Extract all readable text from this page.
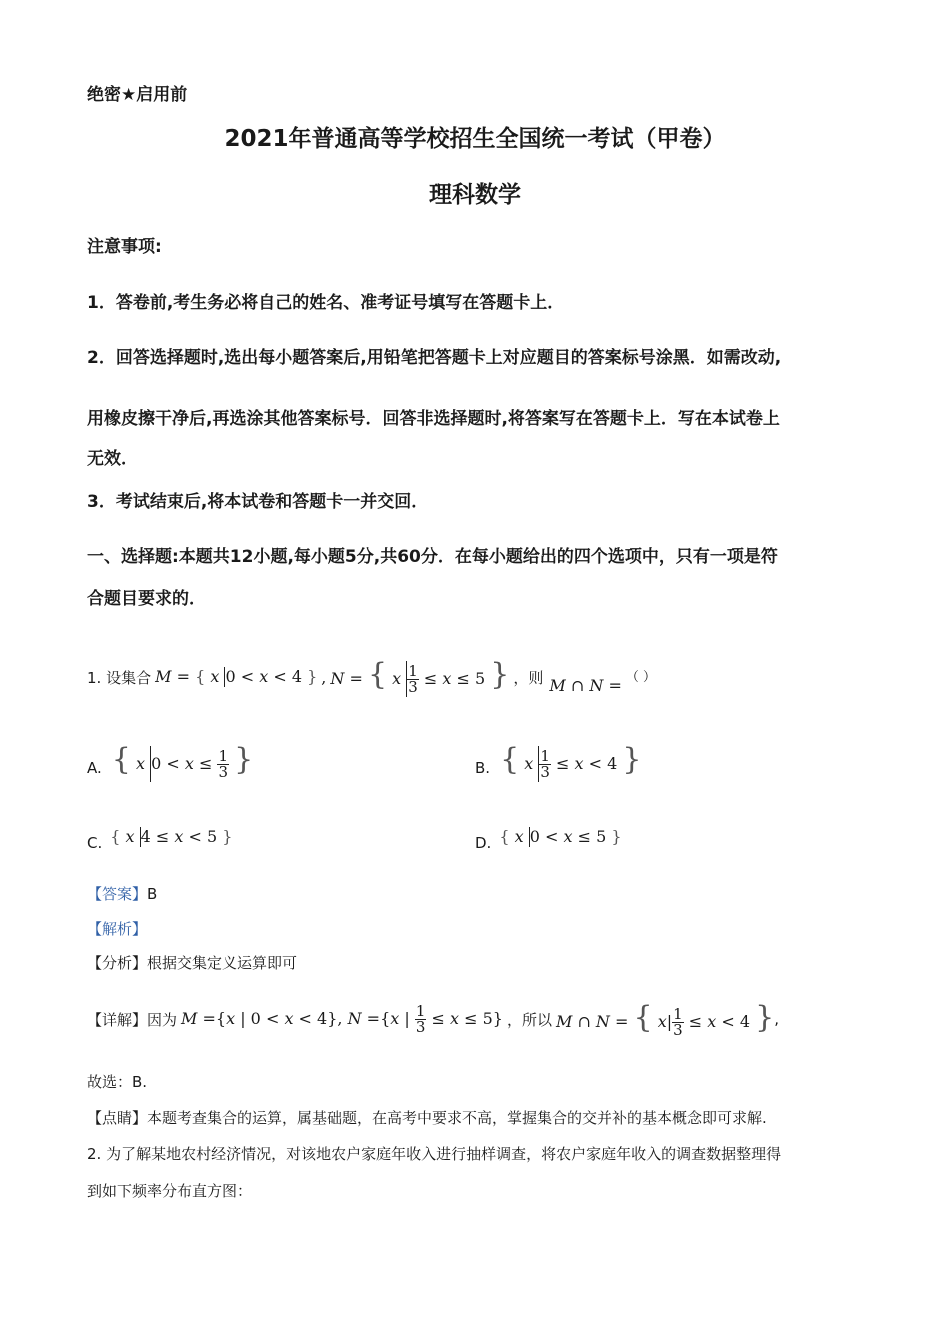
绝密★启用前
2021年普通高等学校招生全国统一考试（甲卷）
理科数学
注意事项:
1．答卷前,考生务必将自己的姓名、准考证号填写在答题卡上．
2．回答选择题时,选出每小题答案后,用铅笔把答题卡上对应题目的答案标号涂黑．如需改动,
用橡皮擦干净后,再选涂其他答案标号．回答非选择题时,将答案写在答题卡上．写在本试卷上
无效．
3．考试结束后,将本试卷和答题卡一并交回．
一、选择题:本题共12小题,每小题5分,共60分．在每小题给出的四个选项中，只有一项是符
合题目要求的．
1. 设集合 M = { x 0 < x < 4 } , N = { x $\frac{1}{3} \le x \le 5$ } ，则 M ∩ N = （ ）
A. { x $0 < x \le \frac{1}{3}$ }	B. { x $\frac{1}{3} \le x < 4$ }
C. { x 4 ≤ x < 5 }	D. { x 0 < x ≤ 5 }
【答案】B
【解析】
【分析】根据交集定义运算即可
【详解】因为 M ={x | 0 < x < 4}, N ={x | $\frac{1}{3} \le x \le 5$} ，所以 M ∩ N = { $x| \frac{1}{3} \le x < 4$ } ,
故选：B.
【点睛】本题考查集合的运算，属基础题，在高考中要求不高，掌握集合的交并补的基本概念即可求解.
2. 为了解某地农村经济情况，对该地农户家庭年收入进行抽样调查，将农户家庭年收入的调查数据整理得
到如下频率分布直方图：
